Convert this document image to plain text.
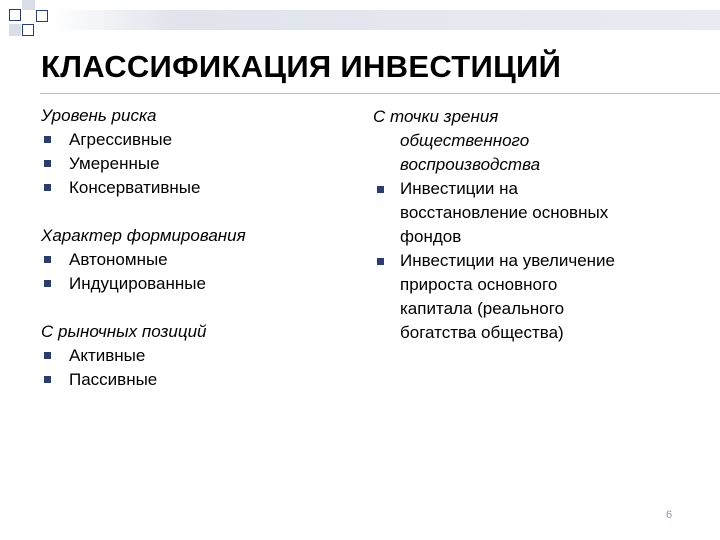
КЛАССИФИКАЦИЯ ИНВЕСТИЦИЙ
Уровень риска
Агрессивные
Умеренные
Консервативные
Характер формирования
Автономные
Индуцированные
С рыночных позиций
Активные
Пассивные
С точки зрения
общественного
воспроизводства
Инвестиции на
восстановление основных
фондов
Инвестиции на увеличение
прироста основного
капитала (реального
богатства общества)
6
